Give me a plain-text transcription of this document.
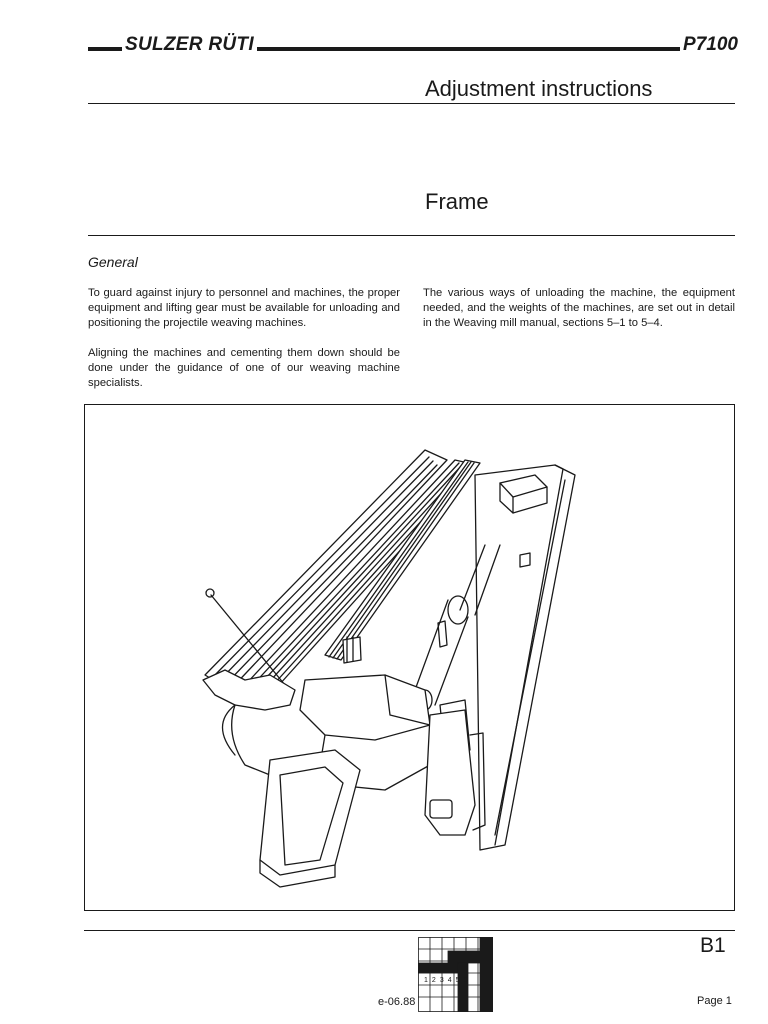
SULZER RÜTI	P7100
Adjustment instructions
Frame
General
To guard against injury to personnel and machines, the proper equipment and lifting gear must be available for unloading and positioning the projectile weaving machines.
Aligning the machines and cementing them down should be done under the guidance of one of our weaving machine specialists.
The various ways of unloading the machine, the equipment needed, and the weights of the machines, are set out in detail in the Weaving mill manual, sections 5–1 to 5–4.
1 2 3 4 5 6
B1
e-06.88	Page 1
